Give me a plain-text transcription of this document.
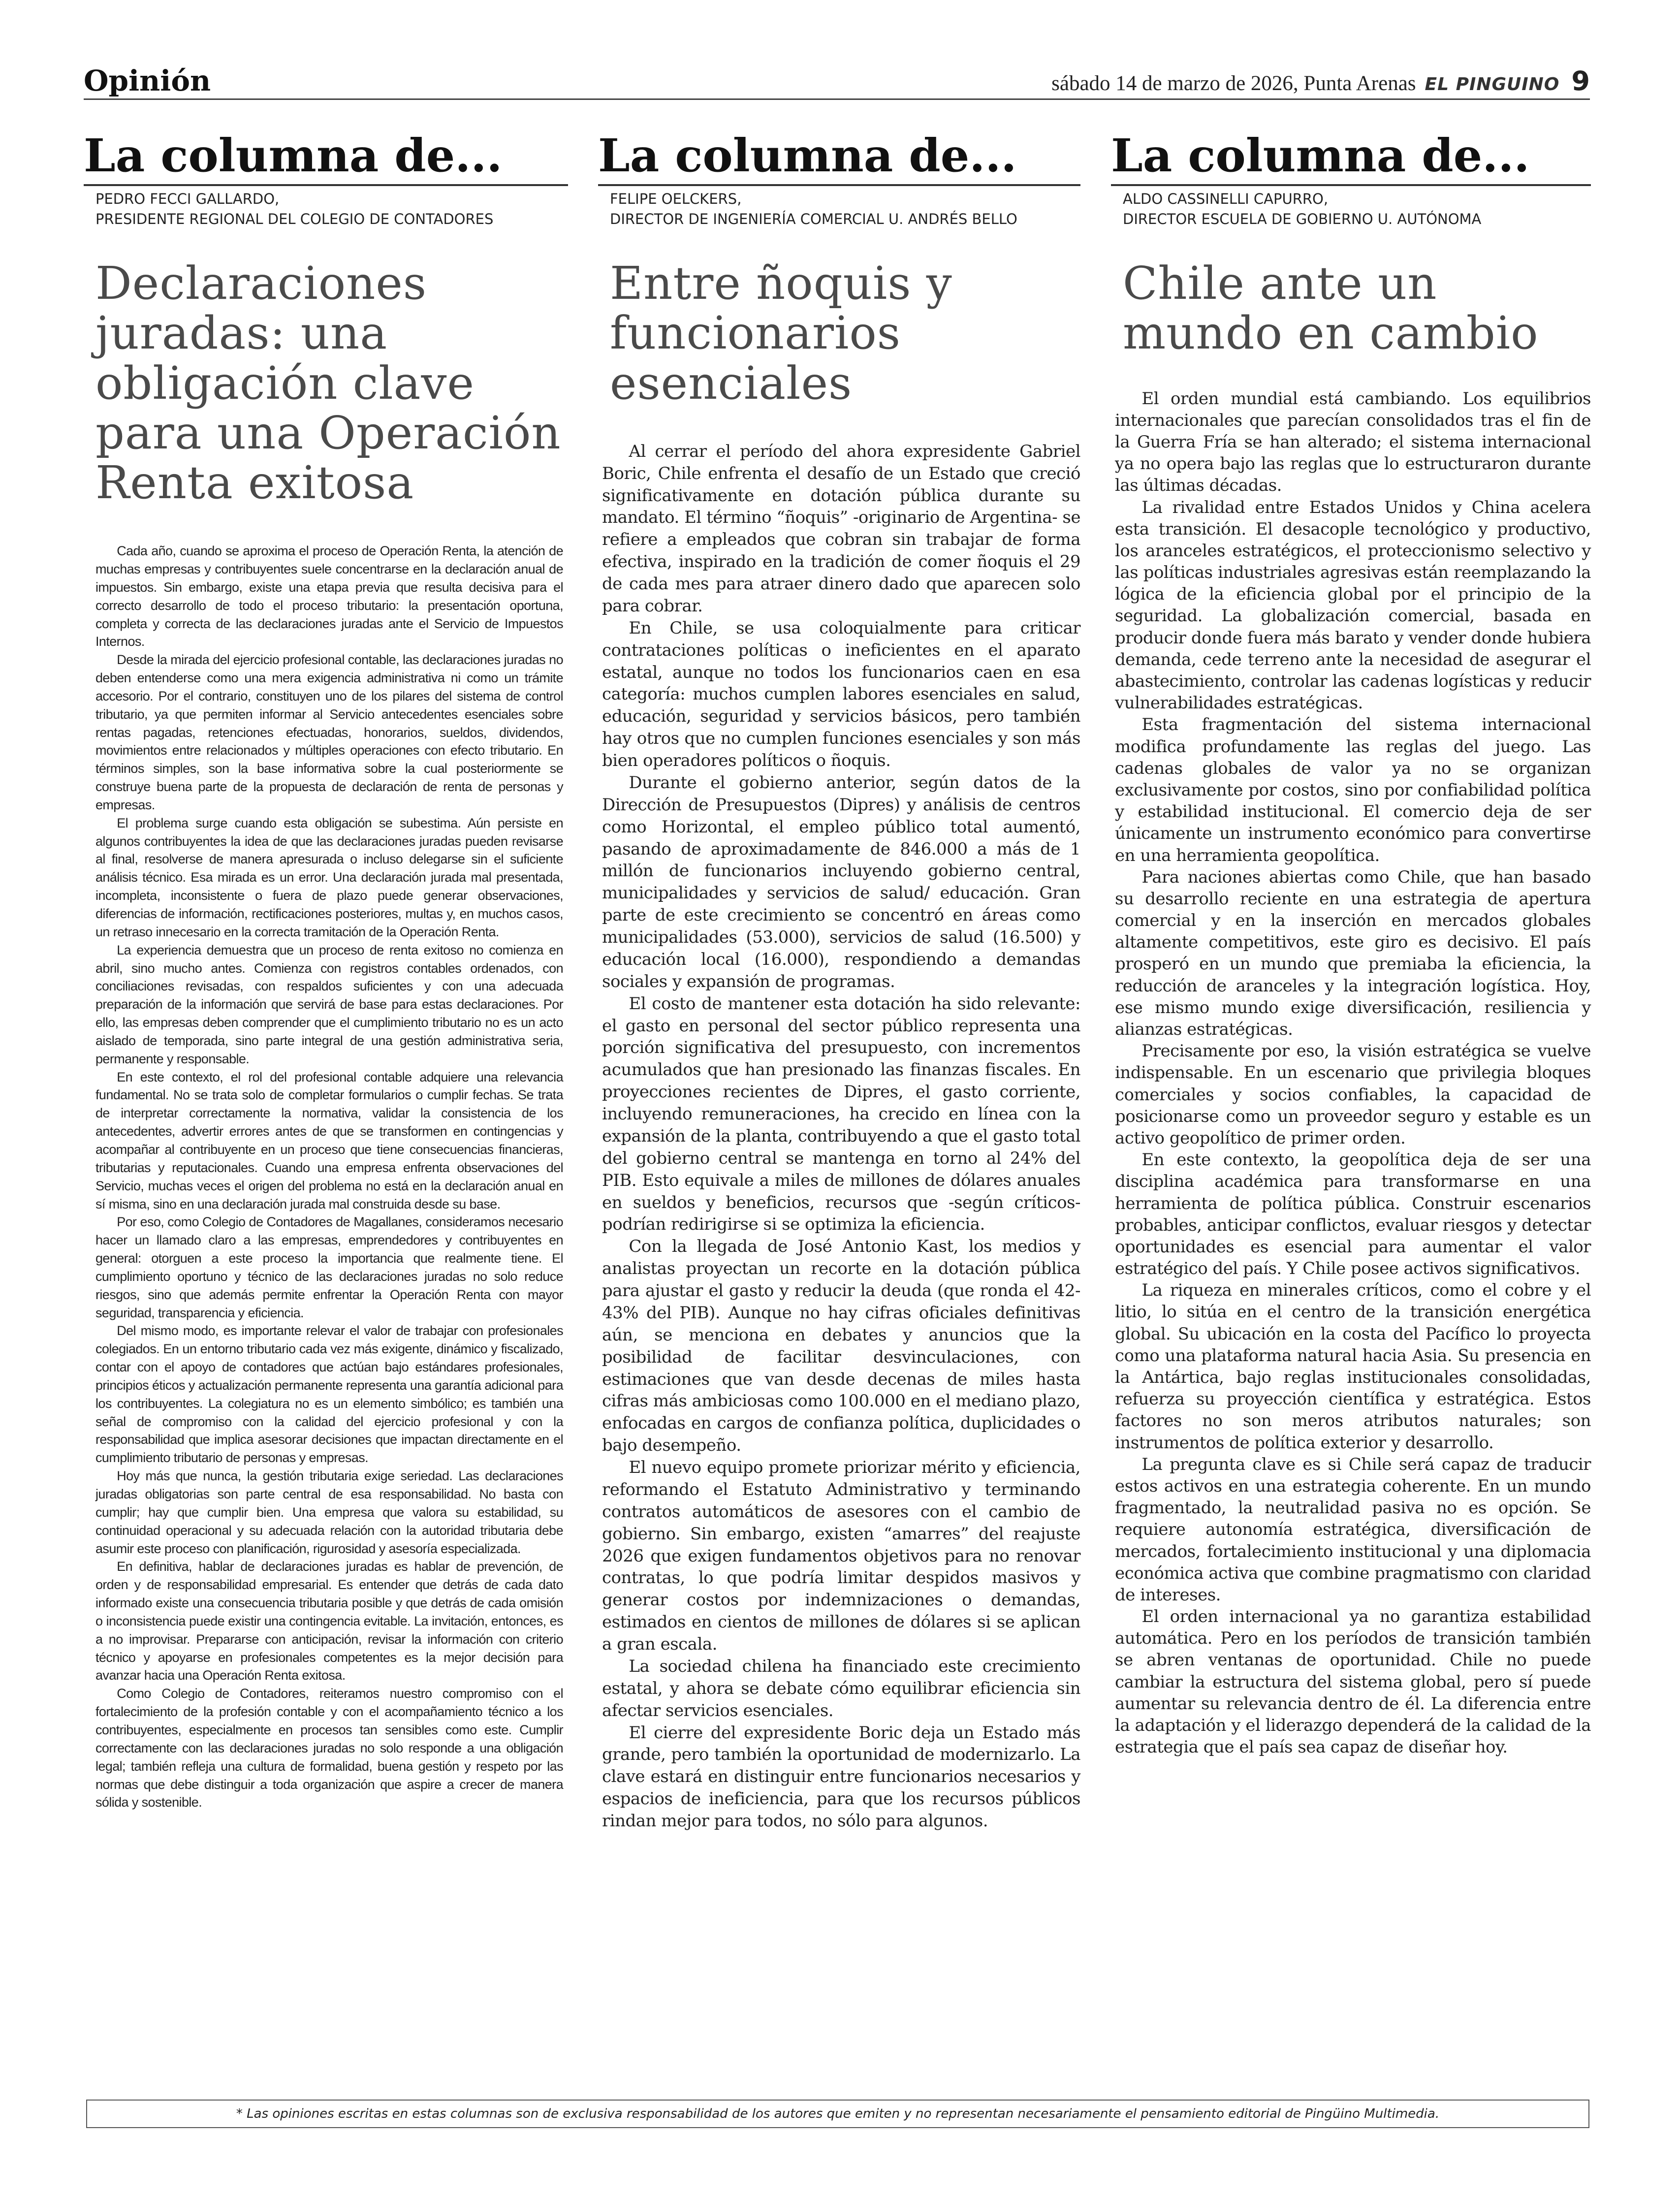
Opinión	sábado 14 de marzo de 2026, Punta Arenas EL PINGUINO 9
La columna de...
PEDRO FECCI GALLARDO,
PRESIDENTE REGIONAL DEL COLEGIO DE CONTADORES
Declaraciones juradas: una obligación clave para una Operación Renta exitosa

Cada año, cuando se aproxima el proceso de Operación Renta, la atención de muchas empresas y contribuyentes suele concentrarse en la declaración anual de impuestos. Sin embargo, existe una etapa previa que resulta decisiva para el correcto desarrollo de todo el proceso tributario: la presentación oportuna, completa y correcta de las declaraciones juradas ante el Servicio de Impuestos Internos.

Desde la mirada del ejercicio profesional contable, las declaraciones juradas no deben entenderse como una mera exigencia administrativa ni como un trámite accesorio. Por el contrario, constituyen uno de los pilares del sistema de control tributario, ya que permiten informar al Servicio antecedentes esenciales sobre rentas pagadas, retenciones efectuadas, honorarios, sueldos, dividendos, movimientos entre relacionados y múltiples operaciones con efecto tributario. En términos simples, son la base informativa sobre la cual posteriormente se construye buena parte de la propuesta de declaración de renta de personas y empresas.

El problema surge cuando esta obligación se subestima. Aún persiste en algunos contribuyentes la idea de que las declaraciones juradas pueden revisarse al final, resolverse de manera apresurada o incluso delegarse sin el suficiente análisis técnico. Esa mirada es un error. Una declaración jurada mal presentada, incompleta, inconsistente o fuera de plazo puede generar observaciones, diferencias de información, rectificaciones posteriores, multas y, en muchos casos, un retraso innecesario en la correcta tramitación de la Operación Renta.

La experiencia demuestra que un proceso de renta exitoso no comienza en abril, sino mucho antes. Comienza con registros contables ordenados, con conciliaciones revisadas, con respaldos suficientes y con una adecuada preparación de la información que servirá de base para estas declaraciones. Por ello, las empresas deben comprender que el cumplimiento tributario no es un acto aislado de temporada, sino parte integral de una gestión administrativa seria, permanente y responsable.

En este contexto, el rol del profesional contable adquiere una relevancia fundamental. No se trata solo de completar formularios o cumplir fechas. Se trata de interpretar correctamente la normativa, validar la consistencia de los antecedentes, advertir errores antes de que se transformen en contingencias y acompañar al contribuyente en un proceso que tiene consecuencias financieras, tributarias y reputacionales. Cuando una empresa enfrenta observaciones del Servicio, muchas veces el origen del problema no está en la declaración anual en sí misma, sino en una declaración jurada mal construida desde su base.

Por eso, como Colegio de Contadores de Magallanes, consideramos necesario hacer un llamado claro a las empresas, emprendedores y contribuyentes en general: otorguen a este proceso la importancia que realmente tiene. El cumplimiento oportuno y técnico de las declaraciones juradas no solo reduce riesgos, sino que además permite enfrentar la Operación Renta con mayor seguridad, transparencia y eficiencia.

Del mismo modo, es importante relevar el valor de trabajar con profesionales colegiados. En un entorno tributario cada vez más exigente, dinámico y fiscalizado, contar con el apoyo de contadores que actúan bajo estándares profesionales, principios éticos y actualización permanente representa una garantía adicional para los contribuyentes. La colegiatura no es un elemento simbólico; es también una señal de compromiso con la calidad del ejercicio profesional y con la responsabilidad que implica asesorar decisiones que impactan directamente en el cumplimiento tributario de personas y empresas.

Hoy más que nunca, la gestión tributaria exige seriedad. Las declaraciones juradas obligatorias son parte central de esa responsabilidad. No basta con cumplir; hay que cumplir bien. Una empresa que valora su estabilidad, su continuidad operacional y su adecuada relación con la autoridad tributaria debe asumir este proceso con planificación, rigurosidad y asesoría especializada.

En definitiva, hablar de declaraciones juradas es hablar de prevención, de orden y de responsabilidad empresarial. Es entender que detrás de cada dato informado existe una consecuencia tributaria posible y que detrás de cada omisión o inconsistencia puede existir una contingencia evitable. La invitación, entonces, es a no improvisar. Prepararse con anticipación, revisar la información con criterio técnico y apoyarse en profesionales competentes es la mejor decisión para avanzar hacia una Operación Renta exitosa.

Como Colegio de Contadores, reiteramos nuestro compromiso con el fortalecimiento de la profesión contable y con el acompañamiento técnico a los contribuyentes, especialmente en procesos tan sensibles como este. Cumplir correctamente con las declaraciones juradas no solo responde a una obligación legal; también refleja una cultura de formalidad, buena gestión y respeto por las normas que debe distinguir a toda organización que aspire a crecer de manera sólida y sostenible.

La columna de...
FELIPE OELCKERS,
DIRECTOR DE INGENIERÍA COMERCIAL U. ANDRÉS BELLO
Entre ñoquis y funcionarios esenciales

Al cerrar el período del ahora expresidente Gabriel Boric, Chile enfrenta el desafío de un Estado que creció significativamente en dotación pública durante su mandato. El término “ñoquis” -originario de Argentina- se refiere a empleados que cobran sin trabajar de forma efectiva, inspirado en la tradición de comer ñoquis el 29 de cada mes para atraer dinero dado que aparecen solo para cobrar.

En Chile, se usa coloquialmente para criticar contrataciones políticas o ineficientes en el aparato estatal, aunque no todos los funcionarios caen en esa categoría: muchos cumplen labores esenciales en salud, educación, seguridad y servicios básicos, pero también hay otros que no cumplen funciones esenciales y son más bien operadores políticos o ñoquis.

Durante el gobierno anterior, según datos de la Dirección de Presupuestos (Dipres) y análisis de centros como Horizontal, el empleo público total aumentó, pasando de aproximadamente de 846.000 a más de 1 millón de funcionarios incluyendo gobierno central, municipalidades y servicios de salud/ educación. Gran parte de este crecimiento se concentró en áreas como municipalidades (53.000), servicios de salud (16.500) y educación local (16.000), respondiendo a demandas sociales y expansión de programas.

El costo de mantener esta dotación ha sido relevante: el gasto en personal del sector público representa una porción significativa del presupuesto, con incrementos acumulados que han presionado las finanzas fiscales. En proyecciones recientes de Dipres, el gasto corriente, incluyendo remuneraciones, ha crecido en línea con la expansión de la planta, contribuyendo a que el gasto total del gobierno central se mantenga en torno al 24% del PIB. Esto equivale a miles de millones de dólares anuales en sueldos y beneficios, recursos que -según críticos- podrían redirigirse si se optimiza la eficiencia.

Con la llegada de José Antonio Kast, los medios y analistas proyectan un recorte en la dotación pública para ajustar el gasto y reducir la deuda (que ronda el 42-43% del PIB). Aunque no hay cifras oficiales definitivas aún, se menciona en debates y anuncios que la posibilidad de facilitar desvinculaciones, con estimaciones que van desde decenas de miles hasta cifras más ambiciosas como 100.000 en el mediano plazo, enfocadas en cargos de confianza política, duplicidades o bajo desempeño.

El nuevo equipo promete priorizar mérito y eficiencia, reformando el Estatuto Administrativo y terminando contratos automáticos de asesores con el cambio de gobierno. Sin embargo, existen “amarres” del reajuste 2026 que exigen fundamentos objetivos para no renovar contratas, lo que podría limitar despidos masivos y generar costos por indemnizaciones o demandas, estimados en cientos de millones de dólares si se aplican a gran escala.

La sociedad chilena ha financiado este crecimiento estatal, y ahora se debate cómo equilibrar eficiencia sin afectar servicios esenciales.

El cierre del expresidente Boric deja un Estado más grande, pero también la oportunidad de modernizarlo. La clave estará en distinguir entre funcionarios necesarios y espacios de ineficiencia, para que los recursos públicos rindan mejor para todos, no sólo para algunos.

La columna de...
ALDO CASSINELLI CAPURRO,
DIRECTOR ESCUELA DE GOBIERNO U. AUTÓNOMA
Chile ante un mundo en cambio

El orden mundial está cambiando. Los equilibrios internacionales que parecían consolidados tras el fin de la Guerra Fría se han alterado; el sistema internacional ya no opera bajo las reglas que lo estructuraron durante las últimas décadas.

La rivalidad entre Estados Unidos y China acelera esta transición. El desacople tecnológico y productivo, los aranceles estratégicos, el proteccionismo selectivo y las políticas industriales agresivas están reemplazando la lógica de la eficiencia global por el principio de la seguridad. La globalización comercial, basada en producir donde fuera más barato y vender donde hubiera demanda, cede terreno ante la necesidad de asegurar el abastecimiento, controlar las cadenas logísticas y reducir vulnerabilidades estratégicas.

Esta fragmentación del sistema internacional modifica profundamente las reglas del juego. Las cadenas globales de valor ya no se organizan exclusivamente por costos, sino por confiabilidad política y estabilidad institucional. El comercio deja de ser únicamente un instrumento económico para convertirse en una herramienta geopolítica.

Para naciones abiertas como Chile, que han basado su desarrollo reciente en una estrategia de apertura comercial y en la inserción en mercados globales altamente competitivos, este giro es decisivo. El país prosperó en un mundo que premiaba la eficiencia, la reducción de aranceles y la integración logística. Hoy, ese mismo mundo exige diversificación, resiliencia y alianzas estratégicas.

Precisamente por eso, la visión estratégica se vuelve indispensable. En un escenario que privilegia bloques comerciales y socios confiables, la capacidad de posicionarse como un proveedor seguro y estable es un activo geopolítico de primer orden.

En este contexto, la geopolítica deja de ser una disciplina académica para transformarse en una herramienta de política pública. Construir escenarios probables, anticipar conflictos, evaluar riesgos y detectar oportunidades es esencial para aumentar el valor estratégico del país. Y Chile posee activos significativos.

La riqueza en minerales críticos, como el cobre y el litio, lo sitúa en el centro de la transición energética global. Su ubicación en la costa del Pacífico lo proyecta como una plataforma natural hacia Asia. Su presencia en la Antártica, bajo reglas institucionales consolidadas, refuerza su proyección científica y estratégica. Estos factores no son meros atributos naturales; son instrumentos de política exterior y desarrollo.

La pregunta clave es si Chile será capaz de traducir estos activos en una estrategia coherente. En un mundo fragmentado, la neutralidad pasiva no es opción. Se requiere autonomía estratégica, diversificación de mercados, fortalecimiento institucional y una diplomacia económica activa que combine pragmatismo con claridad de intereses.

El orden internacional ya no garantiza estabilidad automática. Pero en los períodos de transición también se abren ventanas de oportunidad. Chile no puede cambiar la estructura del sistema global, pero sí puede aumentar su relevancia dentro de él. La diferencia entre la adaptación y el liderazgo dependerá de la calidad de la estrategia que el país sea capaz de diseñar hoy.

* Las opiniones escritas en estas columnas son de exclusiva responsabilidad de los autores que emiten y no representan necesariamente el pensamiento editorial de Pingüino Multimedia.
